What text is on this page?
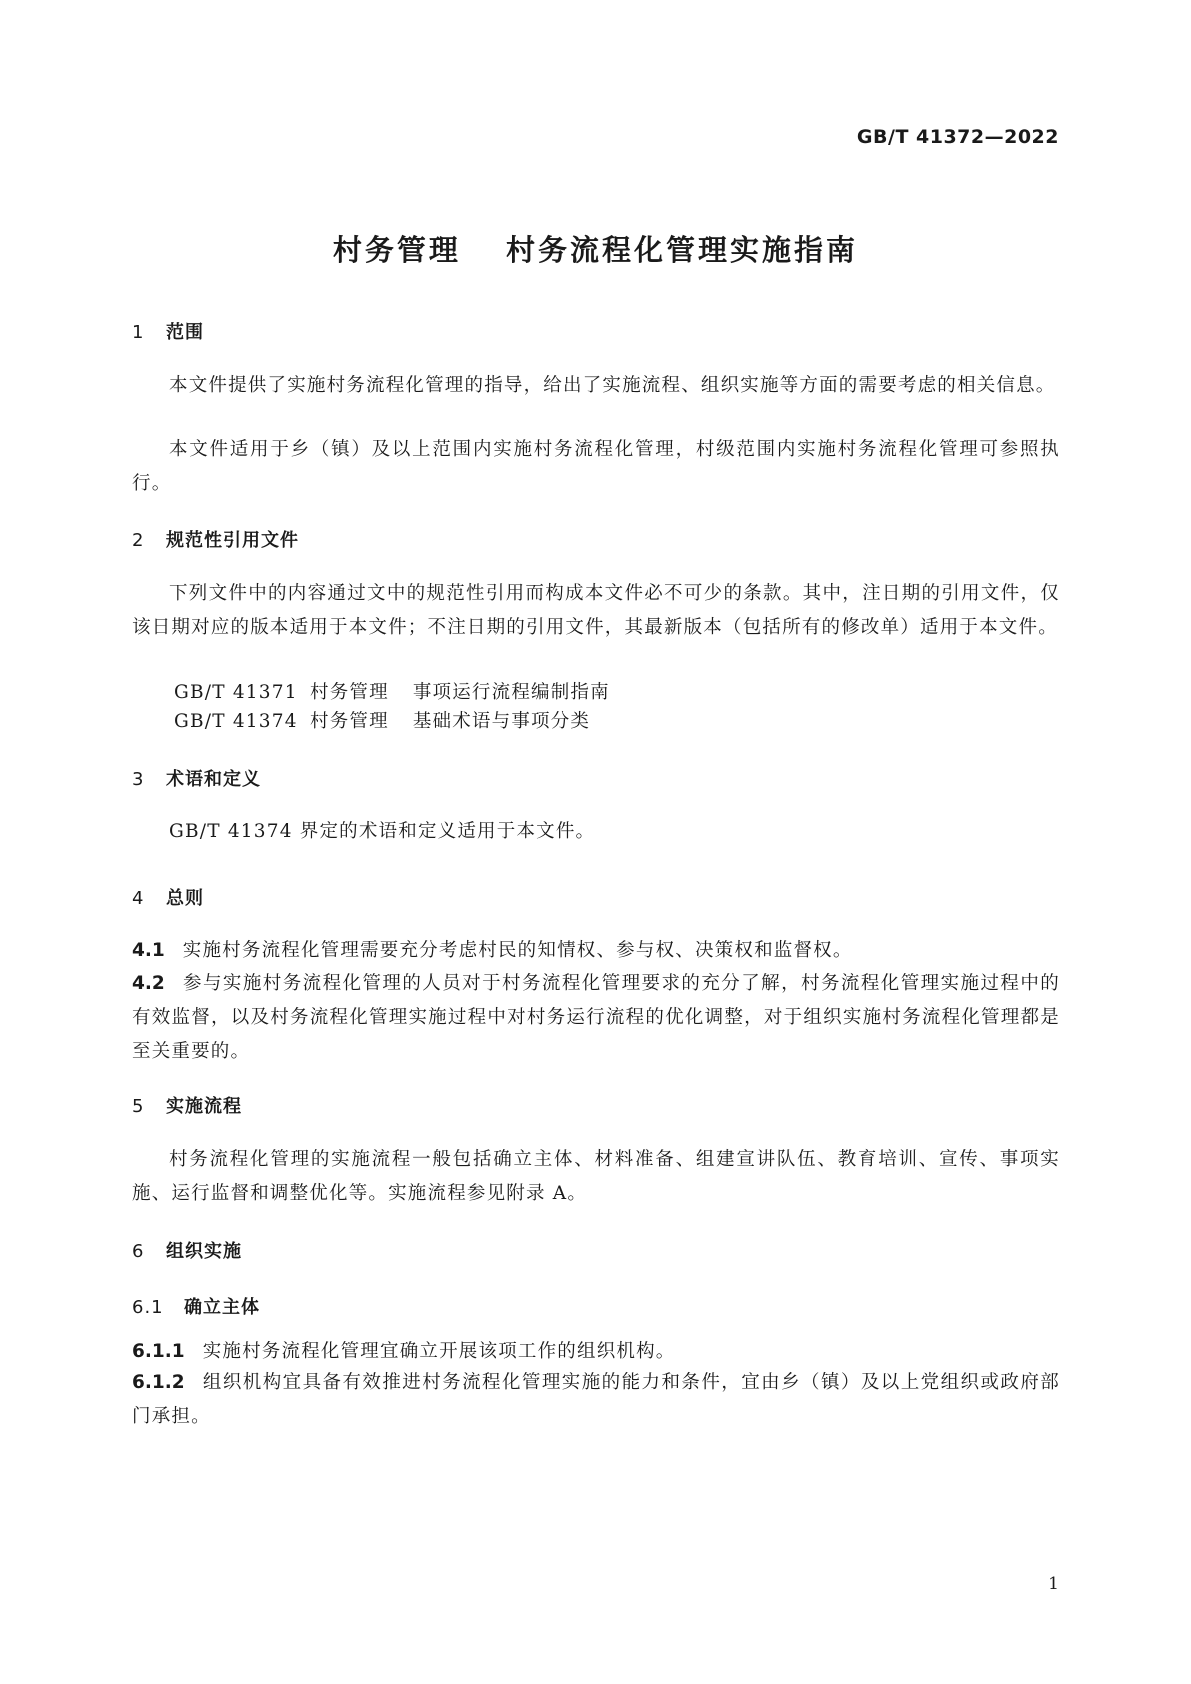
GB/T 41372—2022
村务管理　 村务流程化管理实施指南
1 范围
本文件提供了实施村务流程化管理的指导，给出了实施流程、组织实施等方面的需要考虑的相关信息。
本文件适用于乡（镇）及以上范围内实施村务流程化管理，村级范围内实施村务流程化管理可参照执行。
2 规范性引用文件
下列文件中的内容通过文中的规范性引用而构成本文件必不可少的条款。其中，注日期的引用文件，仅该日期对应的版本适用于本文件；不注日期的引用文件，其最新版本（包括所有的修改单）适用于本文件。
GB/T 41371 村务管理 事项运行流程编制指南
GB/T 41374 村务管理 基础术语与事项分类
3 术语和定义
GB/T 41374 界定的术语和定义适用于本文件。
4 总则
4.1 实施村务流程化管理需要充分考虑村民的知情权、参与权、决策权和监督权。
4.2 参与实施村务流程化管理的人员对于村务流程化管理要求的充分了解，村务流程化管理实施过程中的有效监督，以及村务流程化管理实施过程中对村务运行流程的优化调整，对于组织实施村务流程化管理都是至关重要的。
5 实施流程
村务流程化管理的实施流程一般包括确立主体、材料准备、组建宣讲队伍、教育培训、宣传、事项实施、运行监督和调整优化等。实施流程参见附录 A。
6 组织实施
6.1 确立主体
6.1.1 实施村务流程化管理宜确立开展该项工作的组织机构。
6.1.2 组织机构宜具备有效推进村务流程化管理实施的能力和条件，宜由乡（镇）及以上党组织或政府部门承担。
1
